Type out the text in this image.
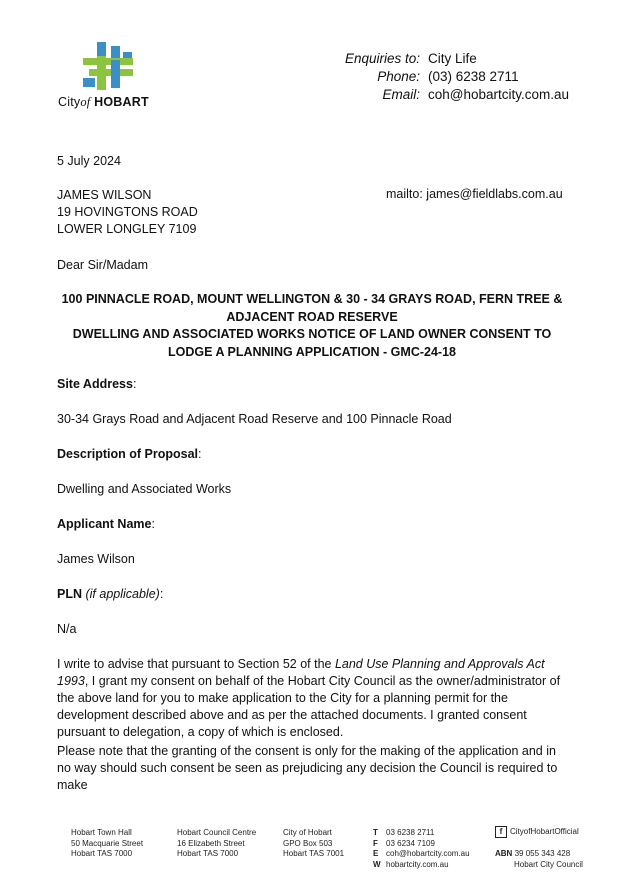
Cityof HOBART
Enquiries to:
Phone:
Email:
City Life
(03) 6238 2711
coh@hobartcity.com.au
5 July 2024
JAMES WILSON
19 HOVINGTONS ROAD
LOWER LONGLEY 7109
mailto: james@fieldlabs.com.au
Dear Sir/Madam
100 PINNACLE ROAD, MOUNT WELLINGTON & 30 - 34 GRAYS ROAD, FERN TREE &
ADJACENT ROAD RESERVE
DWELLING AND ASSOCIATED WORKS NOTICE OF LAND OWNER CONSENT TO
LODGE A PLANNING APPLICATION - GMC-24-18
Site Address:
30-34 Grays Road and Adjacent Road Reserve and 100 Pinnacle Road
Description of Proposal:
Dwelling and Associated Works
Applicant Name:
James Wilson
PLN (if applicable):
N/a
I write to advise that pursuant to Section 52 of the Land Use Planning and Approvals Act 1993, I grant my consent on behalf of the Hobart City Council as the owner/administrator of the above land for you to make application to the City for a planning permit for the development described above and as per the attached documents. I granted consent pursuant to delegation, a copy of which is enclosed.
Please note that the granting of the consent is only for the making of the application and in no way should such consent be seen as prejudicing any decision the Council is required to make
Hobart Town Hall
50 Macquarie Street
Hobart TAS 7000
Hobart Council Centre
16 Elizabeth Street
Hobart TAS 7000
City of Hobart
GPO Box 503
Hobart TAS 7001
T
F
E
W
03 6238 2711
03 6234 7109
coh@hobartcity.com.au
hobartcity.com.au
f CityofHobartOfficial
ABN 39 055 343 428
Hobart City Council
